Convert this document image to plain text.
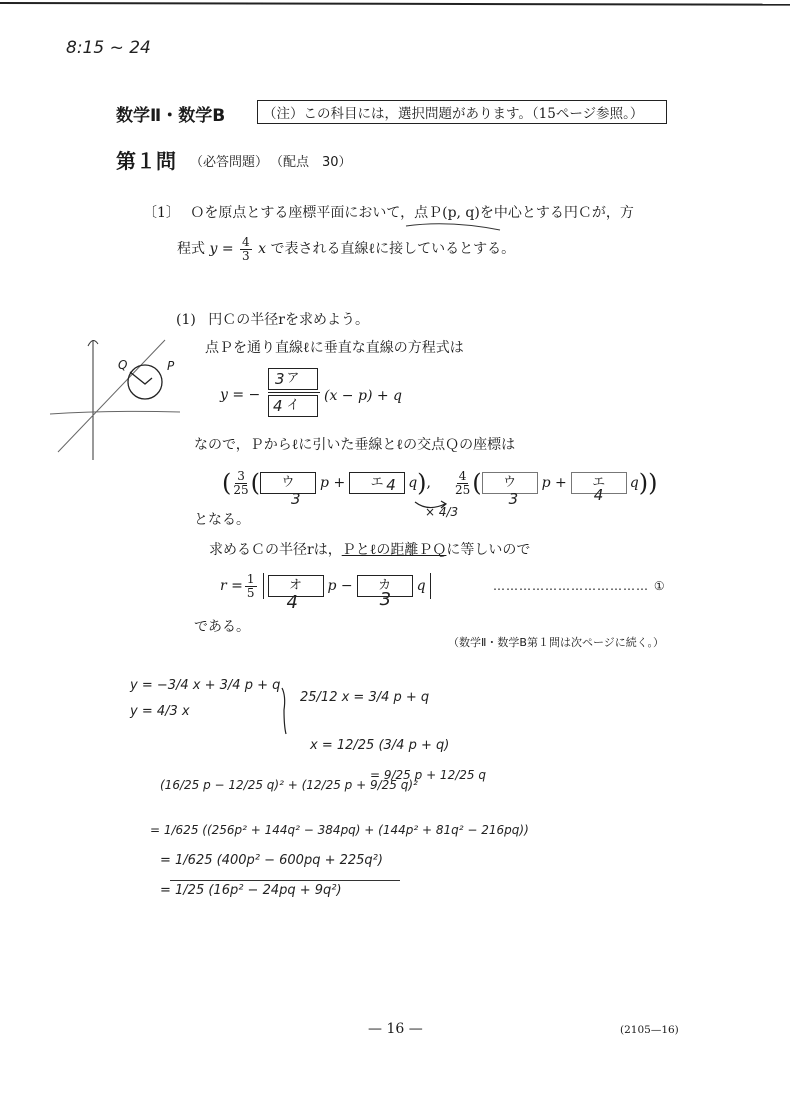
8:15 ~ 24
数学Ⅱ・数学B	（注）この科目には，選択問題があります。（15ページ参照。）
第１問 （必答問題） （配点　30）
〔1〕 Ｏを原点とする座標平面において，点Ｐ(p, q)を中心とする円Ｃが，方
程式 $y = \frac{4}{3}$ x で表される直線ℓに接しているとする。
(1) 円Ｃの半径rを求めよう。
点Ｐを通り直線ℓに垂直な直線の方程式は
y = −
ア
3
イ
4
(x − p) + q
Q	P
なので，Ｐからℓに引いた垂線とℓの交点Ｑの座標は
( $\frac{3}{25}$ (	ウ
3
p +	エ 4 q ) , $\frac{4}{25}$ (	ウ
3
p +	エ
4
q ))
× 4/3
となる。
求めるＣの半径rは，Ｐとℓの距離ＰＱに等しいので
$r = \frac{1}{5}$	オ
4
p −	カ
3
q	……………………………… ①
である。
（数学Ⅱ・数学B第１問は次ページに続く。）
y = −3/4 x + 3/4 p + q
y = 4/3 x
25/12 x = 3/4 p + q
x = 12/25 (3/4 p + q)
= 9/25 p + 12/25 q
(16/25 p − 12/25 q)² + (12/25 p + 9/25 q)²
= 1/625 ((256p² + 144q² − 384pq) + (144p² + 81q² − 216pq))
= 1/625 (400p² − 600pq + 225q²)
= 1/25 (16p² − 24pq + 9q²)
— 16 —	(2105—16)
